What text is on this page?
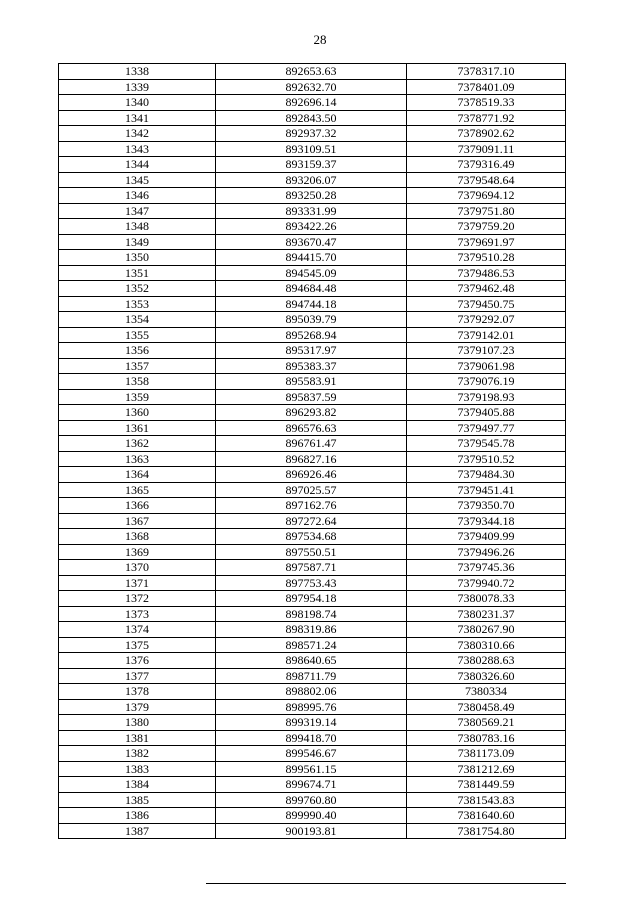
28
1338	892653.63	7378317.10
1339	892632.70	7378401.09
1340	892696.14	7378519.33
1341	892843.50	7378771.92
1342	892937.32	7378902.62
1343	893109.51	7379091.11
1344	893159.37	7379316.49
1345	893206.07	7379548.64
1346	893250.28	7379694.12
1347	893331.99	7379751.80
1348	893422.26	7379759.20
1349	893670.47	7379691.97
1350	894415.70	7379510.28
1351	894545.09	7379486.53
1352	894684.48	7379462.48
1353	894744.18	7379450.75
1354	895039.79	7379292.07
1355	895268.94	7379142.01
1356	895317.97	7379107.23
1357	895383.37	7379061.98
1358	895583.91	7379076.19
1359	895837.59	7379198.93
1360	896293.82	7379405.88
1361	896576.63	7379497.77
1362	896761.47	7379545.78
1363	896827.16	7379510.52
1364	896926.46	7379484.30
1365	897025.57	7379451.41
1366	897162.76	7379350.70
1367	897272.64	7379344.18
1368	897534.68	7379409.99
1369	897550.51	7379496.26
1370	897587.71	7379745.36
1371	897753.43	7379940.72
1372	897954.18	7380078.33
1373	898198.74	7380231.37
1374	898319.86	7380267.90
1375	898571.24	7380310.66
1376	898640.65	7380288.63
1377	898711.79	7380326.60
1378	898802.06	7380334
1379	898995.76	7380458.49
1380	899319.14	7380569.21
1381	899418.70	7380783.16
1382	899546.67	7381173.09
1383	899561.15	7381212.69
1384	899674.71	7381449.59
1385	899760.80	7381543.83
1386	899990.40	7381640.60
1387	900193.81	7381754.80
